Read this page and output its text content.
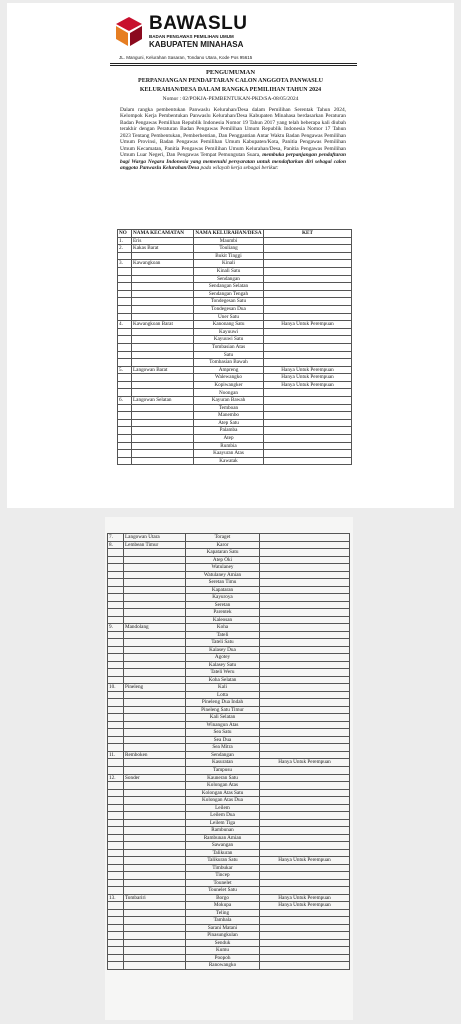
BAWASLU
BADAN PENGAWAS PEMILIHAN UMUM
KABUPATEN MINAHASA
JL. Manguni, Kelurahan Sasaran, Tondano Utara, Kode Pos 95615
PENGUMUMAN
PERPANJANGAN PENDAFTARAN CALON ANGGOTA PANWASLU
KELURAHAN/DESA DALAM RANGKA PEMILIHAN TAHUN 2024
Nomor : 02/POKJA-PEMBENTUKAN-PKD/SA-08/05/2024
Dalam rangka pembentukan Panwaslu Kelurahan/Desa dalam Pemilihan Serentak Tahun 2024, Kelompok Kerja Pembentukan Panwaslu Kelurahan/Desa Kabupaten Minahasa berdasarkan Peraturan Badan Pengawas Pemilihan Republik Indonesia Nomor 19 Tahun 2017 yang telah beberapa kali diubah terakhir dengan Peraturan Badan Pengawas Pemilihan Umum Republik Indonesia Nomor 17 Tahun 2023 Tentang Pembentukan, Pemberhentian, Dan Penggantian Antar Waktu Badan Pengawas Pemilihan Umum Provinsi, Badan Pengawas Pemilihan Umum Kabupaten/Kota, Panitia Pengawas Pemilihan Umum Kecamatan, Panitia Pengawas Pemilihan Umum Kelurahan/Desa, Panitia Pengawas Pemilihan Umum Luar Negeri, Dan Pengawas Tempat Pemungutan Suara, membuka perpanjangan pendaftaran bagi Warga Negara Indonesia yang memenuhi persyaratan untuk mendaftarkan diri sebagai calon anggota Panwaslu Kelurahan/Desa pada wilayah kerja sebagai berikut:
NO	NAMA KECAMATAN	NAMA KELURAHAN/DESA	KET
1.	Eris	Maumbi	
2.	Kakas Barat	Touliang	
		Bukit Tinggi	
3.	Kawangkoan	Kinali	
		Kinali Satu	
		Sendangan	
		Sendangan Selatan	
		Sendangan Tengah	
		Tondegesan Satu	
		Tondegesan Dua	
		Uner Satu	
4.	Kawangkoan Barat	Kanonang Satu	Hanya Untuk Perempuan
		Kayuuwi	
		Kayuuwi Satu	
		Tombasian Atas	
		Satu	
		Tombasian Bawah	
5.	Langowan Barat	Ampreng	Hanya Untuk Perempuan
		Walewangko	Hanya Untuk Perempuan
		Kopiwangker	Hanya Untuk Perempuan
		Noongan	
6.	Langowan Selatan	Kayuran Bawah	
		Temboan	
		Manembo	
		Atep Satu	
		Palamba	
		Atep	
		Rumbia	
		Kaayuran Atas	
		Kawatak	
7.	Langowan Utara	Toraget	
8.	Lembean Timur	Karor	
		Kapataran Satu	
		Atep Oki	
		Watulaney	
		Watulaney Amian	
		Seretan Timu	
		Kapataran	
		Kayuroya	
		Seretan	
		Parentek	
		Kaleosan	
9.	Mandolang	Koha	
		Tateli	
		Tateli Satu	
		Kalasey Dua	
		Agotey	
		Kalasey Satu	
		Tateli Weru	
		Koha Selatan	
10.	Pineleng	Kali	
		Lotta	
		Pineleng Dua Indah	
		Pineleng Satu Timur	
		Kali Selatan	
		Winangun Atas	
		Sea Satu	
		Sea Dua	
		Sea Mitra	
11.	Remboken	Sendangan	
		Kasuratan	Hanya Untuk Perempuan
		Tampusu	
12.	Sonder	Kauneran Satu	
		Kolongan Atas	
		Kolongan Atas Satu	
		Kolongan Atas Dua	
		Leilem	
		Leilem Dua	
		Leilem Tiga	
		Rambunan	
		Rambunan Amian	
		Sawangan	
		Talikuran	
		Talikuran Satu	Hanya Untuk Perempuan
		Timbukar	
		Tincep	
		Tounelet	
		Tounelet Satu	
13.	Tombariri	Borgo	Hanya Untuk Perempuan
		Mokupa	Hanya Untuk Perempuan
		Teling	
		Tambala	
		Sarani Matani	
		Pinasungkulan	
		Senduk	
		Kumu	
		Poopoh	
		Ranowangko	
